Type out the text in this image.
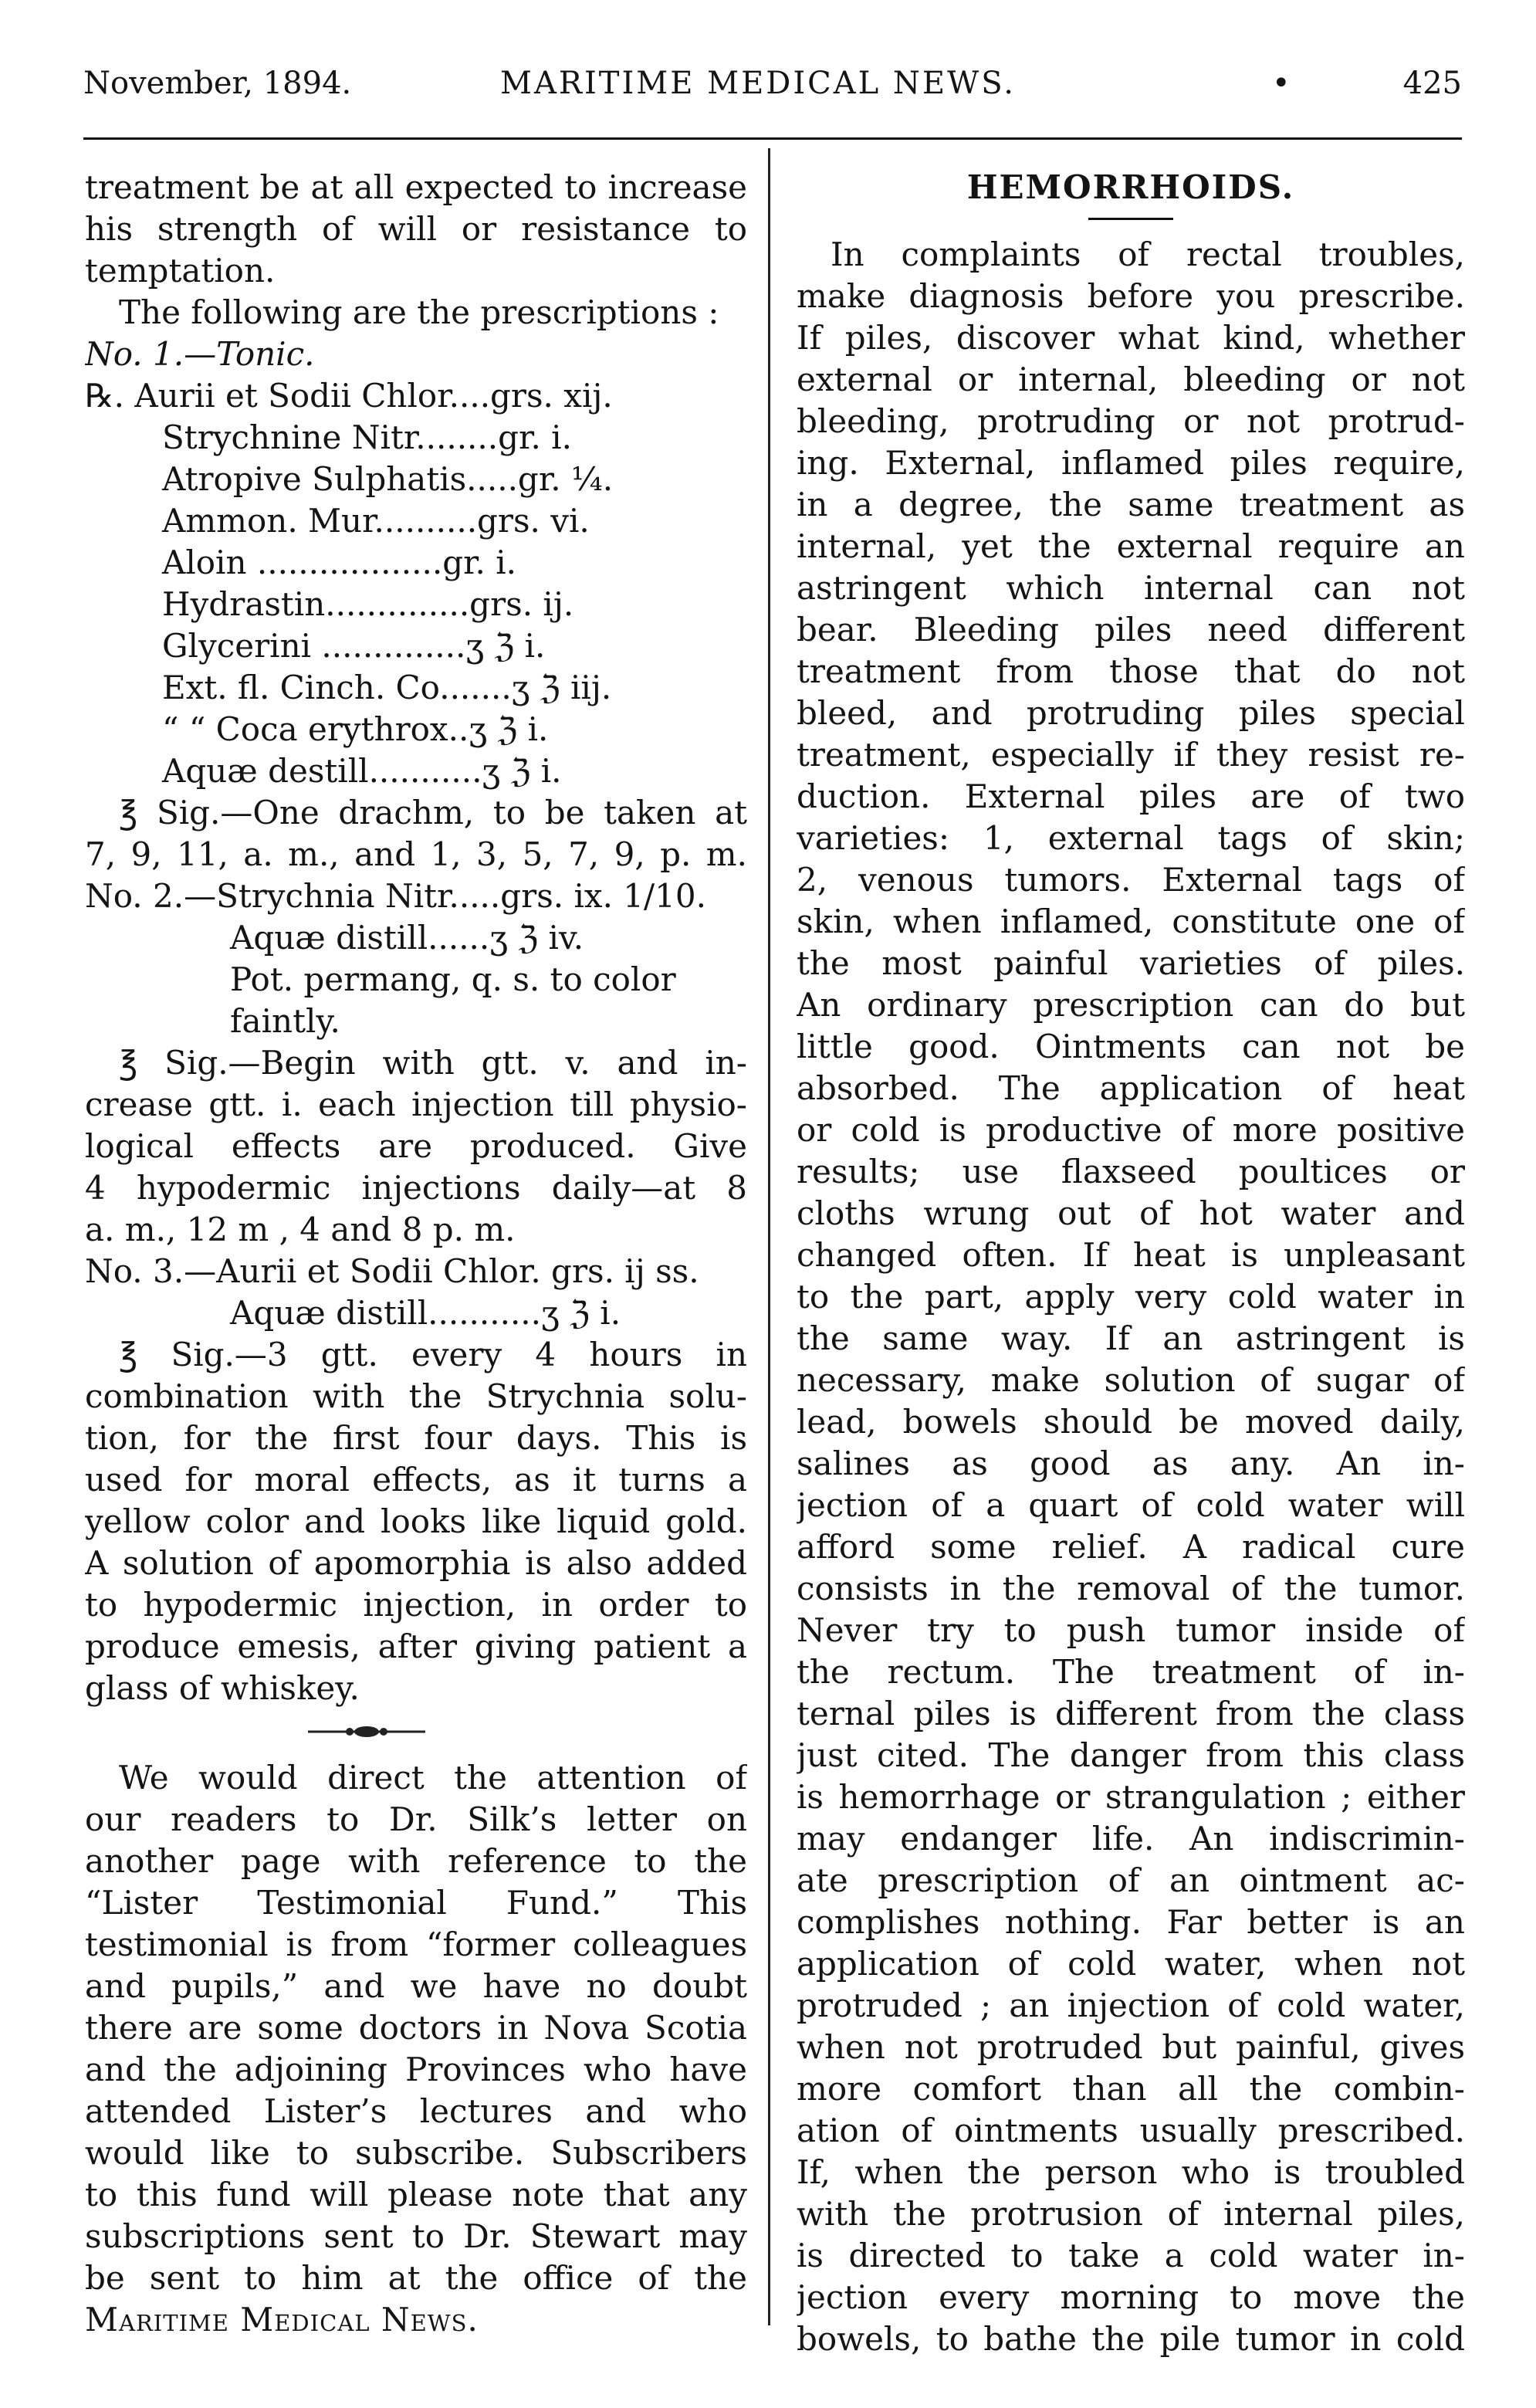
November, 1894.	MARITIME MEDICAL NEWS.	•	425
treatment be at all expected to increase
his strength of will or resistance to
temptation.
The following are the prescriptions :
No. 1.—Tonic.
℞. Aurii et Sodii Chlor....grs. xij.
Strychnine Nitr........gr. i.
Atropive Sulphatis.....gr. ¼.
Ammon. Mur..........grs. vi.
Aloin ..................gr. i.
Hydrastin..............grs. ij.
Glycerini ..............ʒ ℨ i.
Ext. fl. Cinch. Co.......ʒ ℨ iij.
“ “ Coca erythrox..ʒ ℨ i.
Aquæ destill...........ʒ ℨ i.
℥ Sig.—One drachm, to be taken at
7, 9, 11, a. m., and 1, 3, 5, 7, 9, p. m.
No. 2.—Strychnia Nitr.....grs. ix. 1/10.
Aquæ distill......ʒ ℨ iv.
Pot. permang, q. s. to color
faintly.
℥ Sig.—Begin with gtt. v. and in-
crease gtt. i. each injection till physio-
logical effects are produced. Give
4 hypodermic injections daily—at 8
a. m., 12 m , 4 and 8 p. m.
No. 3.—Aurii et Sodii Chlor. grs. ij ss.
Aquæ distill...........ʒ ℨ i.
℥ Sig.—3 gtt. every 4 hours in
combination with the Strychnia solu-
tion, for the first four days. This is
used for moral effects, as it turns a
yellow color and looks like liquid gold.
A solution of apomorphia is also added
to hypodermic injection, in order to
produce emesis, after giving patient a
glass of whiskey.
We would direct the attention of
our readers to Dr. Silk’s letter on
another page with reference to the
“Lister Testimonial Fund.” This
testimonial is from “former colleagues
and pupils,” and we have no doubt
there are some doctors in Nova Scotia
and the adjoining Provinces who have
attended Lister’s lectures and who
would like to subscribe. Subscribers
to this fund will please note that any
subscriptions sent to Dr. Stewart may
be sent to him at the office of the
Maritime Medical News.
HEMORRHOIDS.
In complaints of rectal troubles,
make diagnosis before you prescribe.
If piles, discover what kind, whether
external or internal, bleeding or not
bleeding, protruding or not protrud-
ing. External, inflamed piles require,
in a degree, the same treatment as
internal, yet the external require an
astringent which internal can not
bear. Bleeding piles need different
treatment from those that do not
bleed, and protruding piles special
treatment, especially if they resist re-
duction. External piles are of two
varieties: 1, external tags of skin;
2, venous tumors. External tags of
skin, when inflamed, constitute one of
the most painful varieties of piles.
An ordinary prescription can do but
little good. Ointments can not be
absorbed. The application of heat
or cold is productive of more positive
results; use flaxseed poultices or
cloths wrung out of hot water and
changed often. If heat is unpleasant
to the part, apply very cold water in
the same way. If an astringent is
necessary, make solution of sugar of
lead, bowels should be moved daily,
salines as good as any. An in-
jection of a quart of cold water will
afford some relief. A radical cure
consists in the removal of the tumor.
Never try to push tumor inside of
the rectum. The treatment of in-
ternal piles is different from the class
just cited. The danger from this class
is hemorrhage or strangulation ; either
may endanger life. An indiscrimin-
ate prescription of an ointment ac-
complishes nothing. Far better is an
application of cold water, when not
protruded ; an injection of cold water,
when not protruded but painful, gives
more comfort than all the combin-
ation of ointments usually prescribed.
If, when the person who is troubled
with the protrusion of internal piles,
is directed to take a cold water in-
jection every morning to move the
bowels, to bathe the pile tumor in cold
